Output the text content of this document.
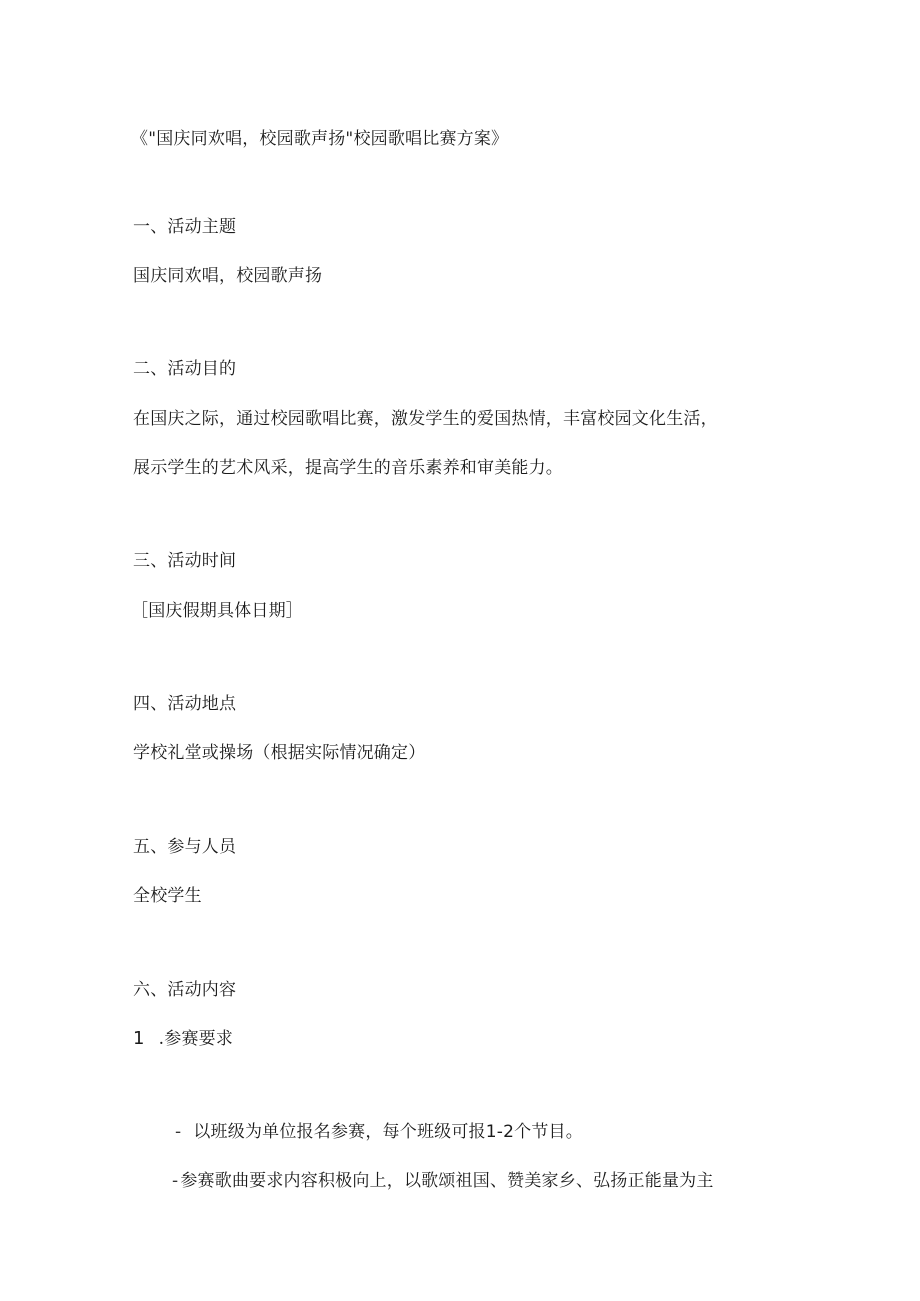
《"国庆同欢唱，校园歌声扬"校园歌唱比赛方案》
一、活动主题
国庆同欢唱，校园歌声扬
二、活动目的
在国庆之际，通过校园歌唱比赛，激发学生的爱国热情，丰富校园文化生活，
展示学生的艺术风采，提高学生的音乐素养和审美能力。
三、活动时间
［国庆假期具体日期］
四、活动地点
学校礼堂或操场（根据实际情况确定）
五、参与人员
全校学生
六、活动内容
1 .参赛要求
- 以班级为单位报名参赛，每个班级可报1-2个节目。
- 参赛歌曲要求内容积极向上，以歌颂祖国、赞美家乡、弘扬正能量为主
